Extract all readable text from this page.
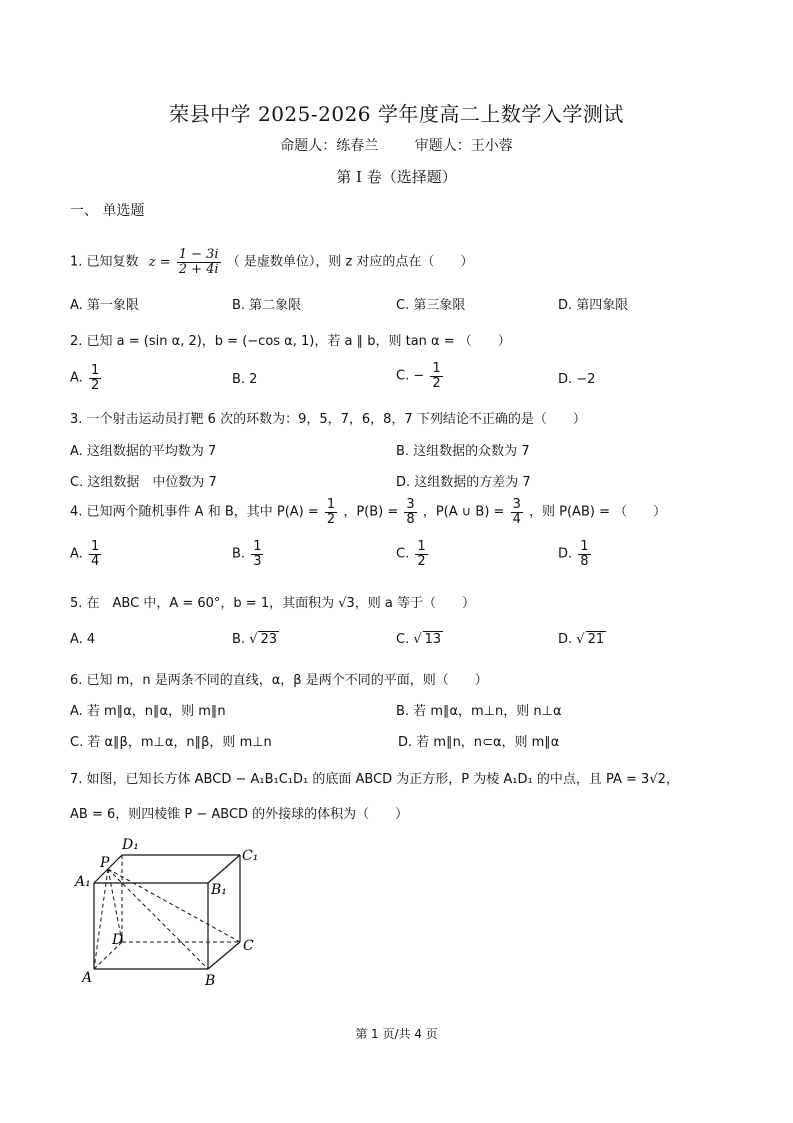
荣县中学 2025-2026 学年度高二上数学入学测试
命题人：练春兰	审题人：王小蓉
第 I 卷（选择题）
一、 单选题
1. 已知复数 $z = \frac{1 - 3i}{2 + 4i}$ （ 是虚数单位），则 z 对应的点在（　　）
A. 第一象限	B. 第二象限	C. 第三象限	D. 第四象限
2. 已知 a = (sin α, 2)，b = (−cos α, 1)，若 a ∥ b，则 tan α = （　　）
A. $\frac{1}{2}$	B. 2	C. − $\frac{1}{2}$	D. −2
3. 一个射击运动员打靶 6 次的环数为：9，5，7，6，8，7 下列结论不正确的是（　　）
A. 这组数据的平均数为 7	B. 这组数据的众数为 7
C. 这组数据　中位数为 7	D. 这组数据的方差为 7
4. 已知两个随机事件 A 和 B，其中 $P(A) = \frac{1}{2}$ ，$P(B) = \frac{3}{8}$ ，P(A ∪ $B) = \frac{3}{4}$ ，则 P(AB) = （　　）
A. $\frac{1}{4}$	B. $\frac{1}{3}$	C. $\frac{1}{2}$	D. $\frac{1}{8}$
5. 在　ABC 中，A = 60°，b = 1，其面积为 √3，则 a 等于（　　）
A. 4	B. √ 23	C. √ 13	D. √ 21
6. 已知 m，n 是两条不同的直线，α，β 是两个不同的平面，则（　　）
A. 若 m∥α，n∥α，则 m∥n	B. 若 m∥α，m⊥n，则 n⊥α
C. 若 α∥β，m⊥α，n∥β，则 m⊥n	D. 若 m∥n，n⊂α，则 m∥α
7. 如图，已知长方体 ABCD − A₁B₁C₁D₁ 的底面 ABCD 为正方形，P 为棱 A₁D₁ 的中点，且 PA = 3√2，
AB = 6，则四棱锥 P − ABCD 的外接球的体积为（　　）
D₁
C₁
P
A₁	B₁
D	C
A	B
第 1 页/共 4 页
